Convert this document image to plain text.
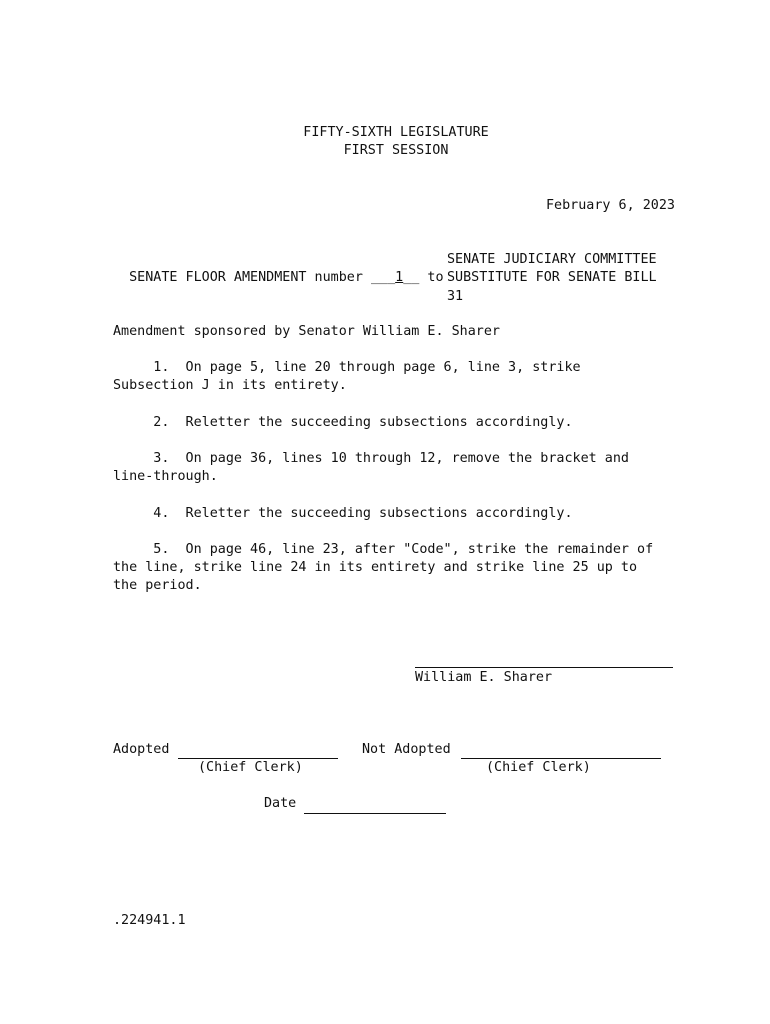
FIFTY-SIXTH LEGISLATURE
FIRST SESSION
February 6, 2023

SENATE FLOOR AMENDMENT number ___1__ to

SENATE JUDICIARY COMMITTEE
SUBSTITUTE FOR SENATE BILL
31
Amendment sponsored by Senator William E. Sharer
1.  On page 5, line 20 through page 6, line 3, strike
Subsection J in its entirety.
2.  Reletter the succeeding subsections accordingly.
3.  On page 36, lines 10 through 12, remove the bracket and
line-through.
4.  Reletter the succeeding subsections accordingly.
5.  On page 46, line 23, after "Code", strike the remainder of
the line, strike line 24 in its entirety and strike line 25 up to
the period.
William E. Sharer
Adopted
(Chief Clerk)
Not Adopted
(Chief Clerk)
Date
.224941.1
